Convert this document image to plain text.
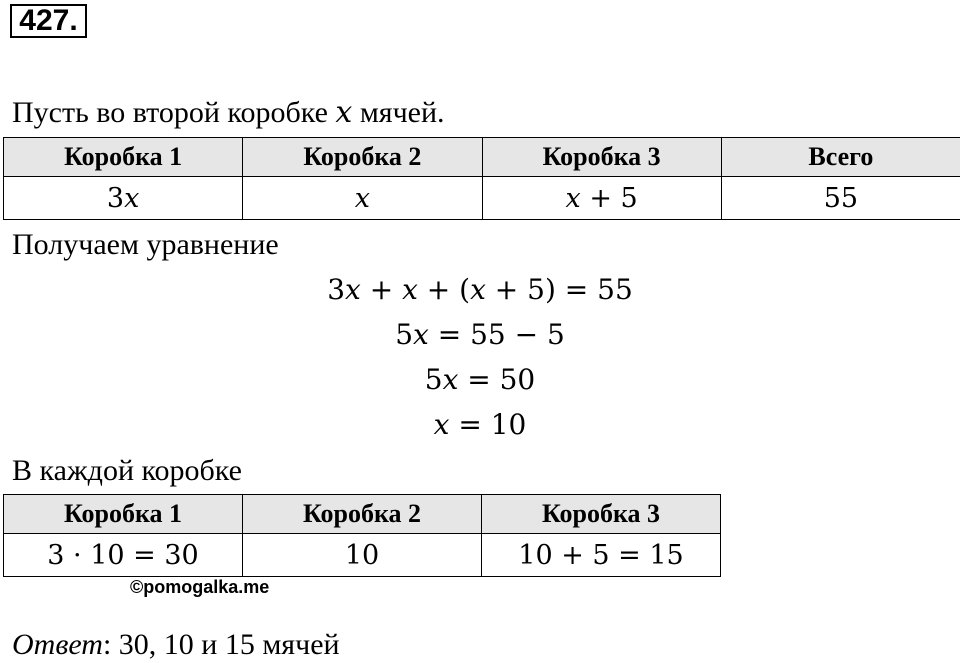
427.
Пусть во второй коробке x мячей.
Коробка 1	Коробка 2	Коробка 3	Всего
3x	x	x + 5	55
Получаем уравнение
3x + x + (x + 5) = 55
5x = 55 − 5
5x = 50
x = 10
В каждой коробке
Коробка 1	Коробка 2	Коробка 3
3 · 10 = 30	10	10 + 5 = 15
©pomogalka.me
Ответ: 30, 10 и 15 мячей
